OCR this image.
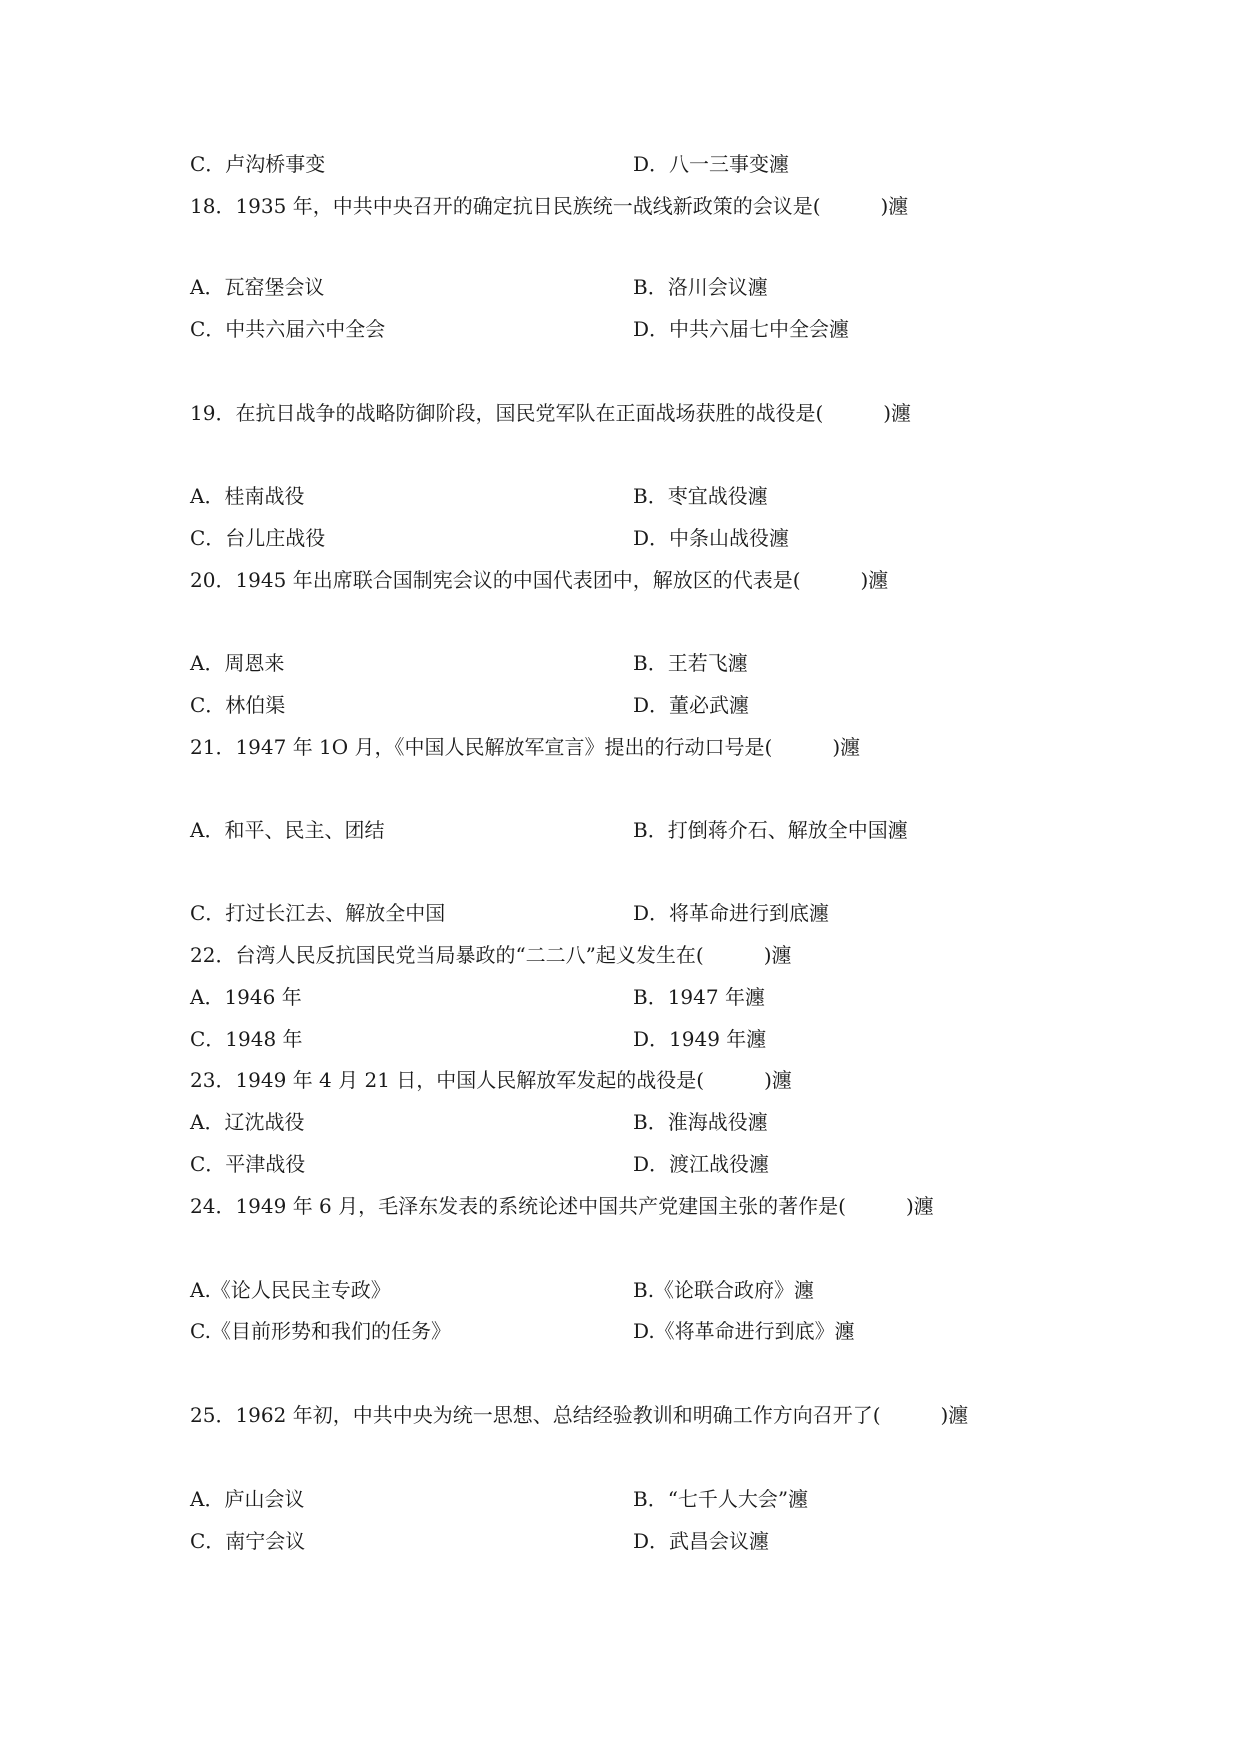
C．卢沟桥事变	D．八一三事变瀍
18．1935 年，中共中央召开的确定抗日民族统一战线新政策的会议是(　　　)瀍
A．瓦窑堡会议	B．洛川会议瀍
C．中共六届六中全会	D．中共六届七中全会瀍
19．在抗日战争的战略防御阶段，国民党军队在正面战场获胜的战役是(　　　)瀍
A．桂南战役	B．枣宜战役瀍
C．台儿庄战役	D．中条山战役瀍
20．1945 年出席联合国制宪会议的中国代表团中，解放区的代表是(　　　)瀍
A．周恩来	B．王若飞瀍
C．林伯渠	D．董必武瀍
21．1947 年 1O 月，《中国人民解放军宣言》提出的行动口号是(　　　)瀍
A．和平、民主、团结	B．打倒蒋介石、解放全中国瀍
C．打过长江去、解放全中国	D．将革命进行到底瀍
22．台湾人民反抗国民党当局暴政的“二二八”起义发生在(　　　)瀍
A．1946 年	B．1947 年瀍
C．1948 年	D．1949 年瀍
23．1949 年 4 月 21 日，中国人民解放军发起的战役是(　　　)瀍
A．辽沈战役	B．淮海战役瀍
C．平津战役	D．渡江战役瀍
24．1949 年 6 月，毛泽东发表的系统论述中国共产党建国主张的著作是(　　　)瀍
A.《论人民民主专政》	B.《论联合政府》瀍
C.《目前形势和我们的任务》	D.《将革命进行到底》瀍
25．1962 年初，中共中央为统一思想、总结经验教训和明确工作方向召开了(　　　)瀍
A．庐山会议	B．“七千人大会”瀍
C．南宁会议	D．武昌会议瀍
